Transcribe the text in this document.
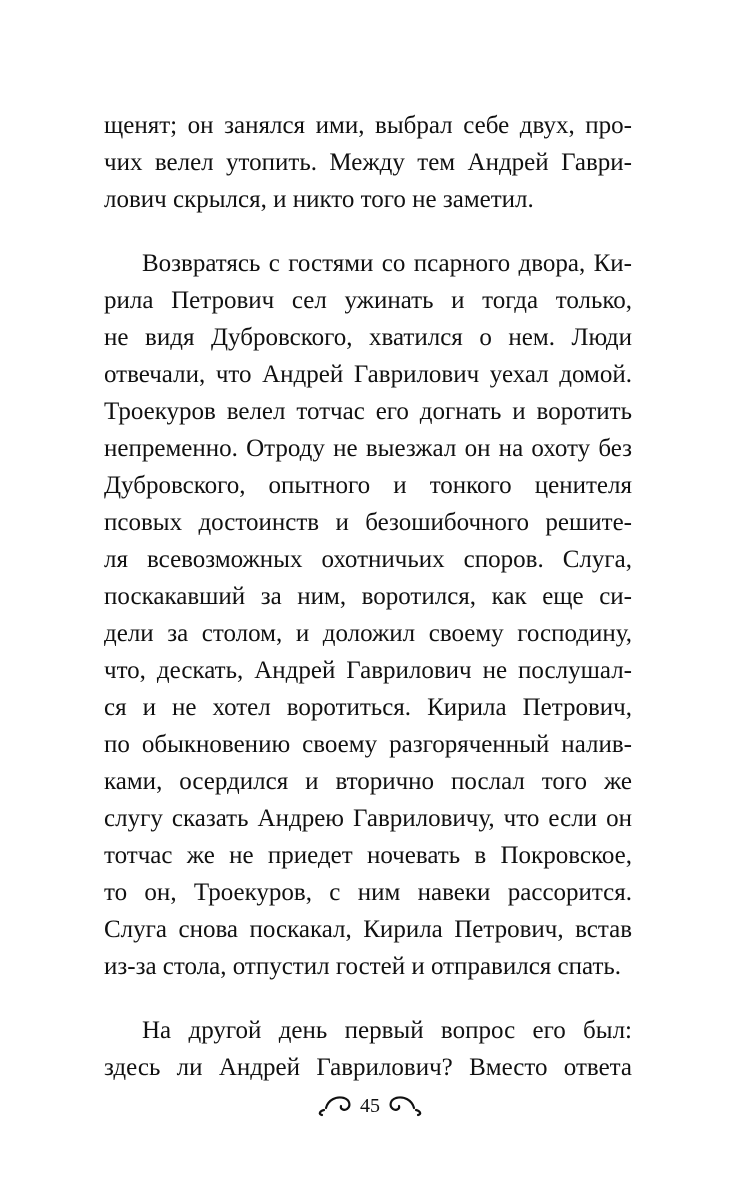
щенят; он занялся ими, выбрал себе двух, про-
чих велел утопить. Между тем Андрей Гаври-
лович скрылся, и никто того не заметил.
Возвратясь с гостями со псарного двора, Ки-
рила Петрович сел ужинать и тогда только,
не видя Дубровского, хватился о нем. Люди
отвечали, что Андрей Гаврилович уехал домой.
Троекуров велел тотчас его догнать и воротить
непременно. Отроду не выезжал он на охоту без
Дубровского, опытного и тонкого ценителя
псовых достоинств и безошибочного решите-
ля всевозможных охотничьих споров. Слуга,
поскакавший за ним, воротился, как еще си-
дели за столом, и доложил своему господину,
что, дескать, Андрей Гаврилович не послушал-
ся и не хотел воротиться. Кирила Петрович,
по обыкновению своему разгоряченный налив-
ками, осердился и вторично послал того же
слугу сказать Андрею Гавриловичу, что если он
тотчас же не приедет ночевать в Покровское,
то он, Троекуров, с ним навеки рассорится.
Слуга снова поскакал, Кирила Петрович, встав
из-за стола, отпустил гостей и отправился спать.
На другой день первый вопрос его был:
здесь ли Андрей Гаврилович? Вместо ответа
45
